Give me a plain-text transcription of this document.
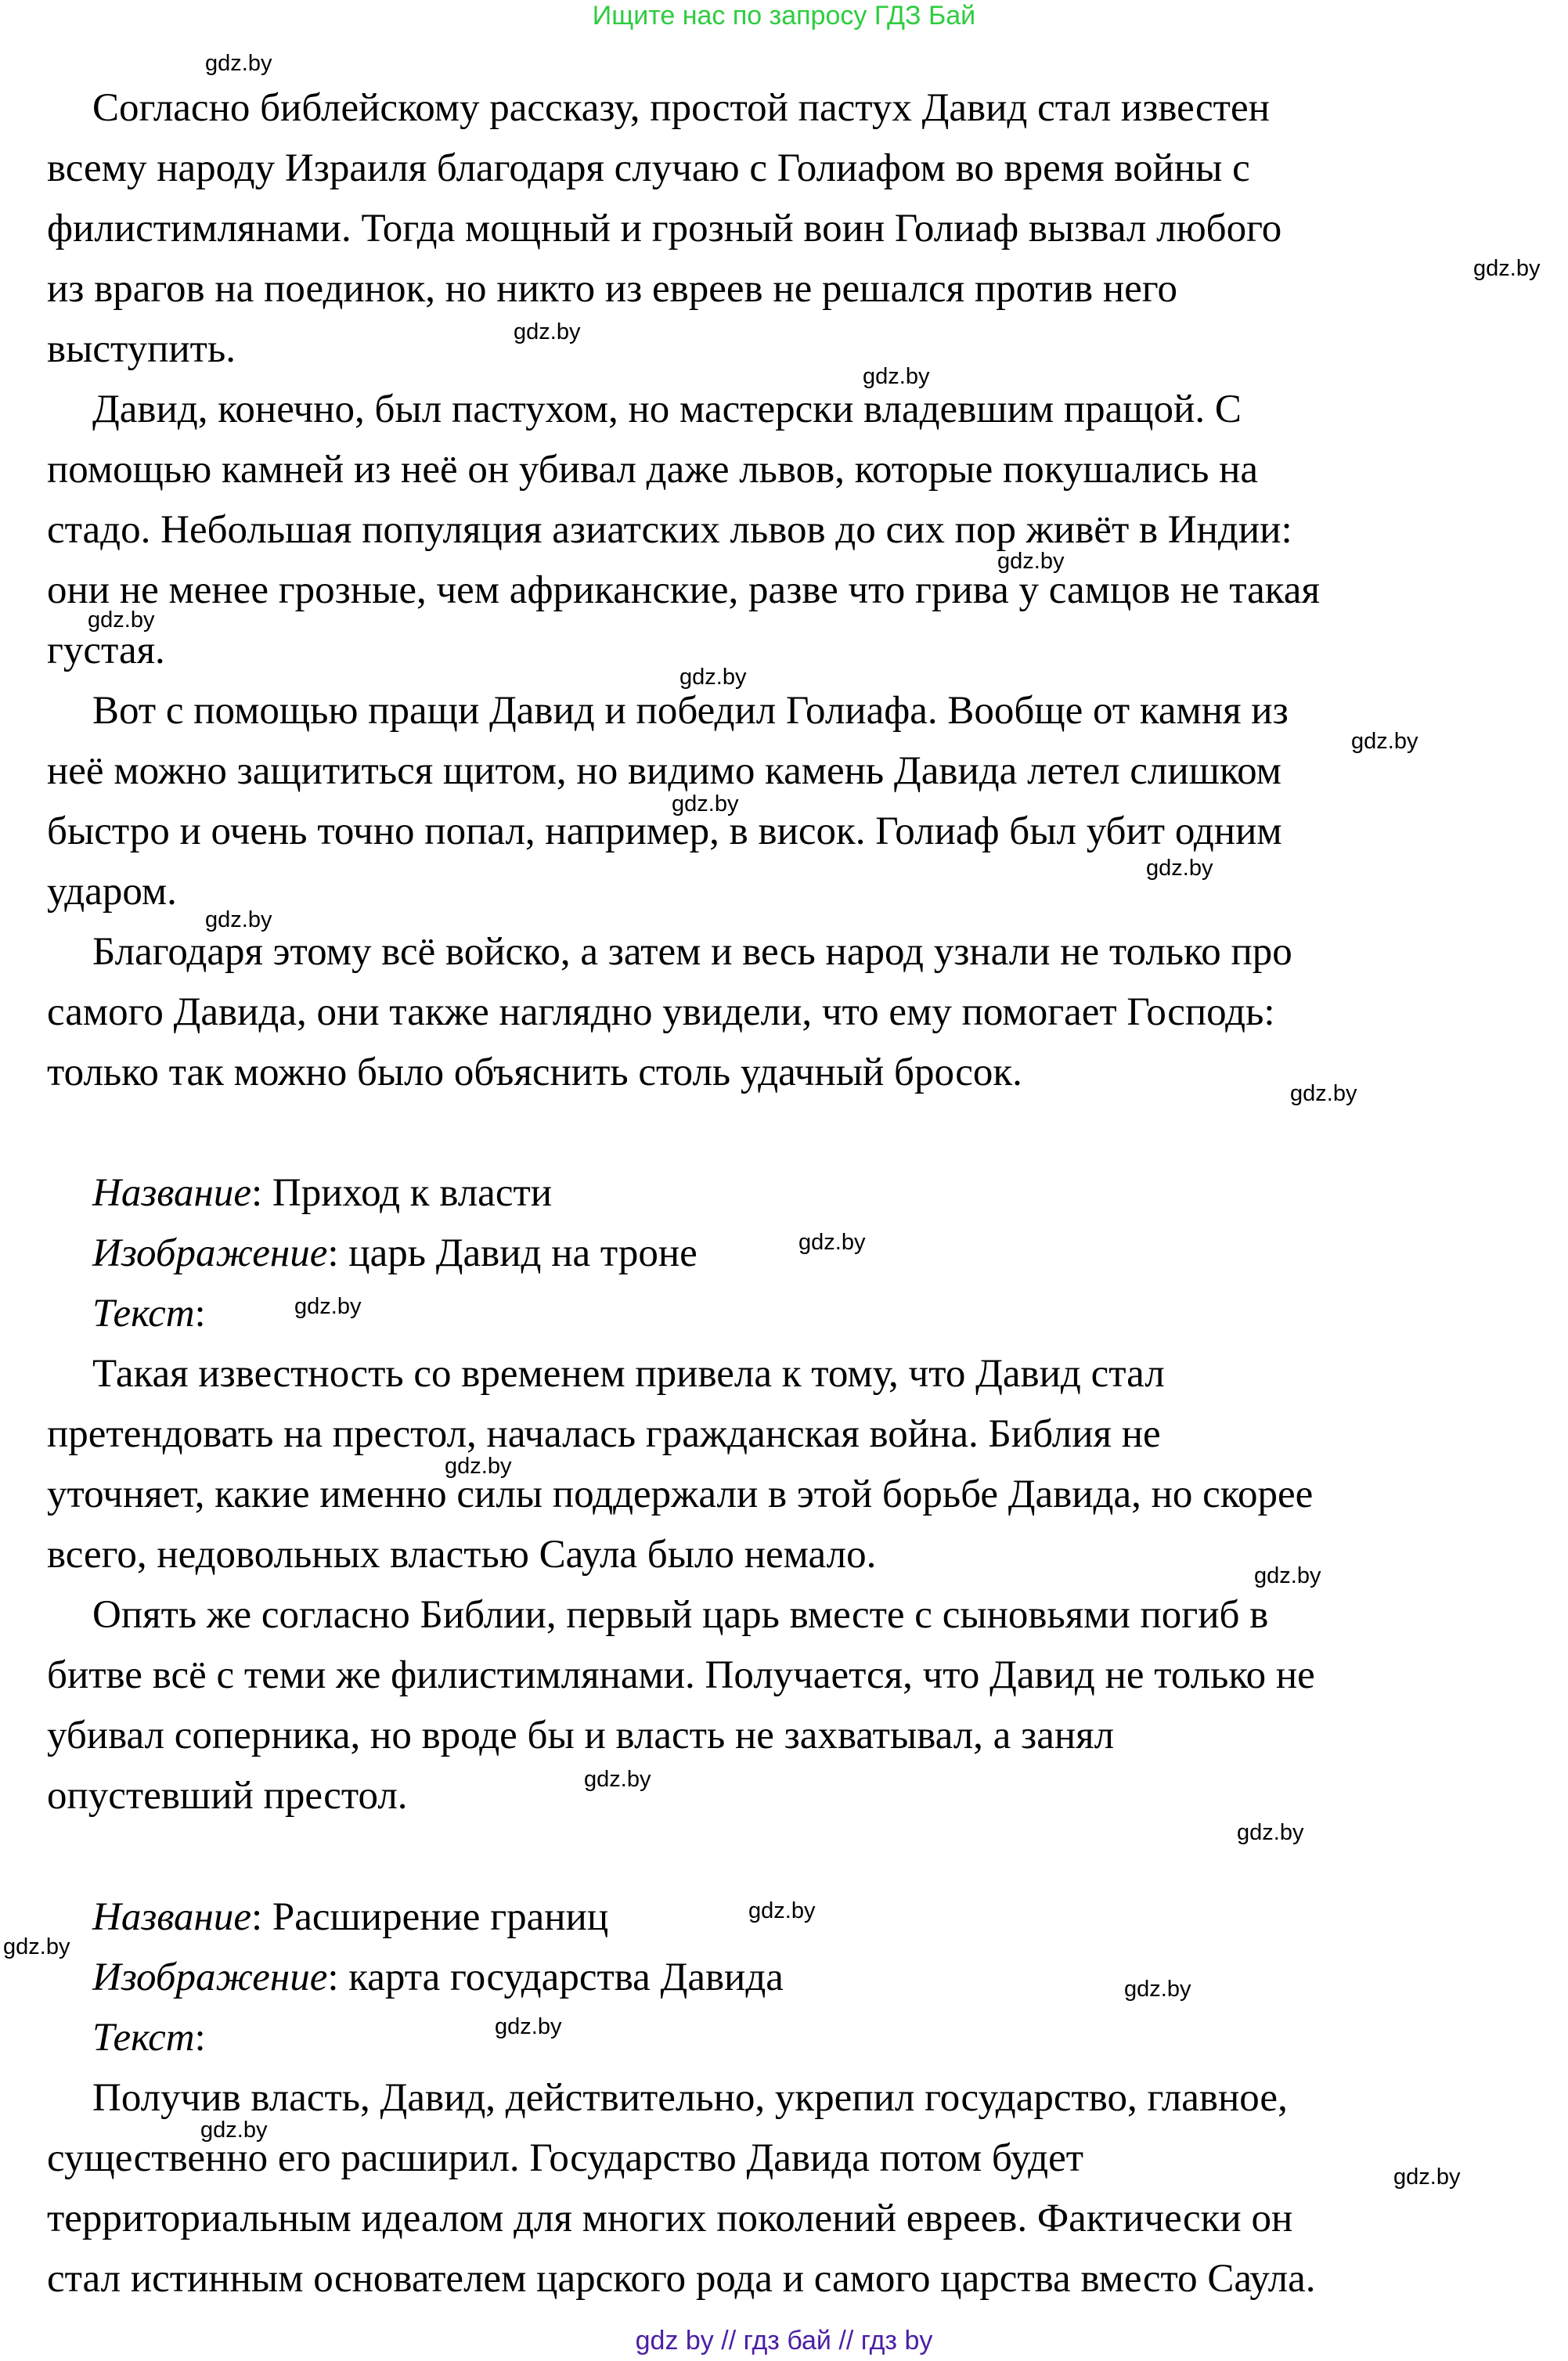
Ищите нас по запросу ГДЗ Бай
Согласно библейскому рассказу, простой пастух Давид стал известен
всему народу Израиля благодаря случаю с Голиафом во время войны с
филистимлянами. Тогда мощный и грозный воин Голиаф вызвал любого
из врагов на поединок, но никто из евреев не решался против него
выступить.
Давид, конечно, был пастухом, но мастерски владевшим пращой. С
помощью камней из неё он убивал даже львов, которые покушались на
стадо. Небольшая популяция азиатских львов до сих пор живёт в Индии:
они не менее грозные, чем африканские, разве что грива у самцов не такая
густая.
Вот с помощью пращи Давид и победил Голиафа. Вообще от камня из
неё можно защититься щитом, но видимо камень Давида летел слишком
быстро и очень точно попал, например, в висок. Голиаф был убит одним
ударом.
Благодаря этому всё войско, а затем и весь народ узнали не только про
самого Давида, они также наглядно увидели, что ему помогает Господь:
только так можно было объяснить столь удачный бросок.
Название: Приход к власти
Изображение: царь Давид на троне
Текст:
Такая известность со временем привела к тому, что Давид стал
претендовать на престол, началась гражданская война. Библия не
уточняет, какие именно силы поддержали в этой борьбе Давида, но скорее
всего, недовольных властью Саула было немало.
Опять же согласно Библии, первый царь вместе с сыновьями погиб в
битве всё с теми же филистимлянами. Получается, что Давид не только не
убивал соперника, но вроде бы и власть не захватывал, а занял
опустевший престол.
Название: Расширение границ
Изображение: карта государства Давида
Текст:
Получив власть, Давид, действительно, укрепил государство, главное,
существенно его расширил. Государство Давида потом будет
территориальным идеалом для многих поколений евреев. Фактически он
стал истинным основателем царского рода и самого царства вместо Саула.
gdz.by
gdz.by
gdz.by
gdz.by
gdz.by
gdz.by
gdz.by
gdz.by
gdz.by
gdz.by
gdz.by
gdz.by
gdz.by
gdz.by
gdz.by
gdz.by
gdz.by
gdz.by
gdz.by
gdz.by
gdz.by
gdz.by
gdz.by
gdz.by
gdz by // гдз бай // гдз by
